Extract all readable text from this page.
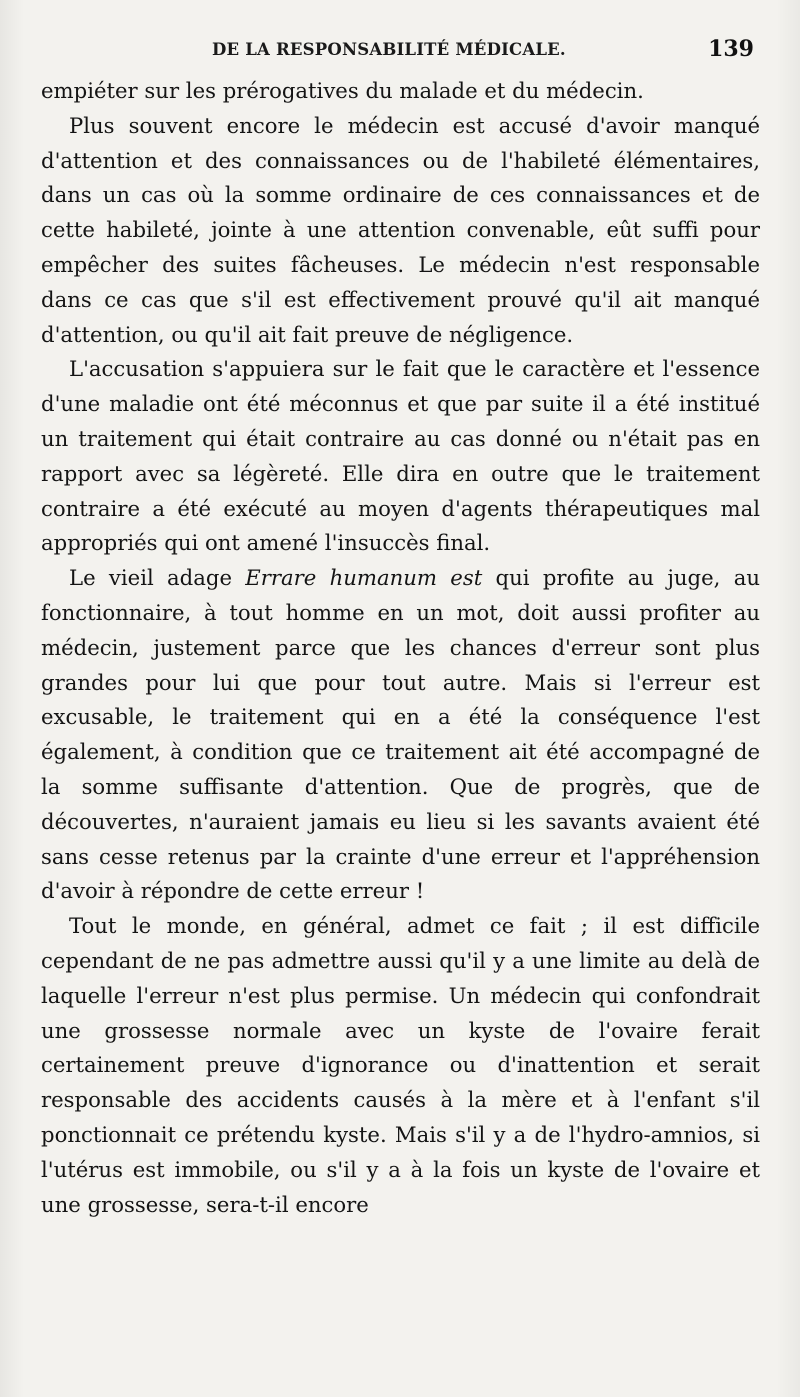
DE LA RESPONSABILITÉ MÉDICALE.	139

empiéter sur les prérogatives du malade et du médecin.

Plus souvent encore le médecin est accusé d'avoir manqué d'attention et des connaissances ou de l'habileté élémentaires, dans un cas où la somme ordinaire de ces connaissances et de cette habileté, jointe à une attention convenable, eût suffi pour empêcher des suites fâcheuses. Le médecin n'est responsable dans ce cas que s'il est effectivement prouvé qu'il ait manqué d'attention, ou qu'il ait fait preuve de négligence.

L'accusation s'appuiera sur le fait que le caractère et l'essence d'une maladie ont été méconnus et que par suite il a été institué un traitement qui était contraire au cas donné ou n'était pas en rapport avec sa légèreté. Elle dira en outre que le traitement contraire a été exécuté au moyen d'agents thérapeutiques mal appropriés qui ont amené l'insuccès final.

Le vieil adage Errare humanum est qui profite au juge, au fonctionnaire, à tout homme en un mot, doit aussi profiter au médecin, justement parce que les chances d'erreur sont plus grandes pour lui que pour tout autre. Mais si l'erreur est excusable, le traitement qui en a été la conséquence l'est également, à condition que ce traitement ait été accompagné de la somme suffisante d'attention. Que de progrès, que de découvertes, n'auraient jamais eu lieu si les savants avaient été sans cesse retenus par la crainte d'une erreur et l'appréhension d'avoir à répondre de cette erreur !

Tout le monde, en général, admet ce fait ; il est difficile cependant de ne pas admettre aussi qu'il y a une limite au delà de laquelle l'erreur n'est plus permise. Un médecin qui confondrait une grossesse normale avec un kyste de l'ovaire ferait certainement preuve d'ignorance ou d'inattention et serait responsable des accidents causés à la mère et à l'enfant s'il ponctionnait ce prétendu kyste. Mais s'il y a de l'hydro-amnios, si l'utérus est immobile, ou s'il y a à la fois un kyste de l'ovaire et une grossesse, sera-t-il encore
